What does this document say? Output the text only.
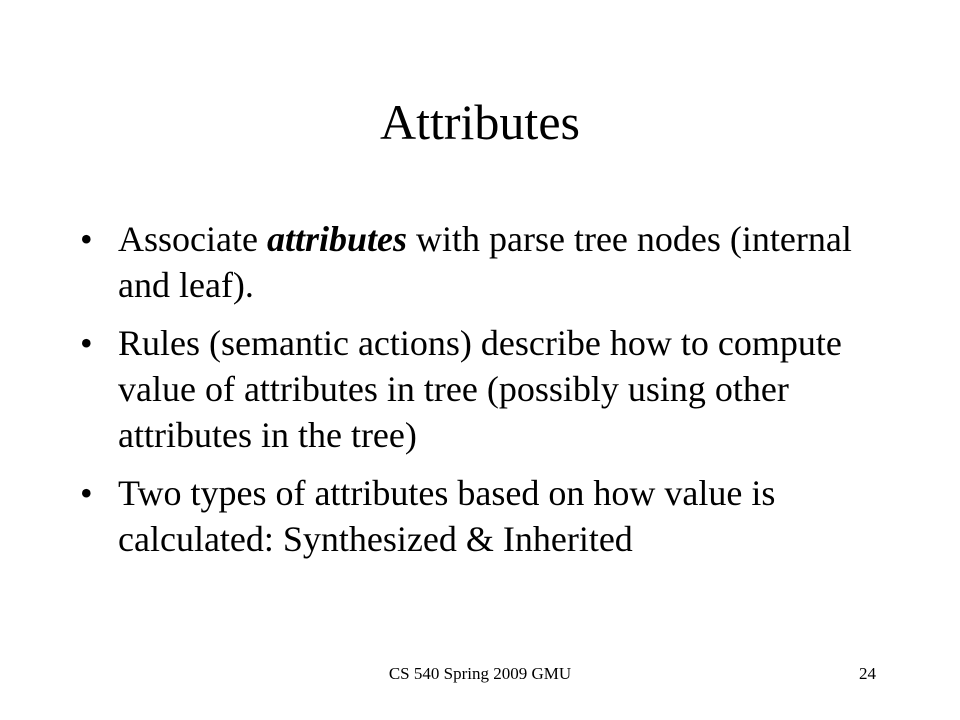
Attributes
• Associate attributes with parse tree nodes (internal and leaf).
• Rules (semantic actions) describe how to compute value of attributes in tree (possibly using other attributes in the tree)
• Two types of attributes based on how value is calculated: Synthesized & Inherited
CS 540 Spring 2009 GMU	24
